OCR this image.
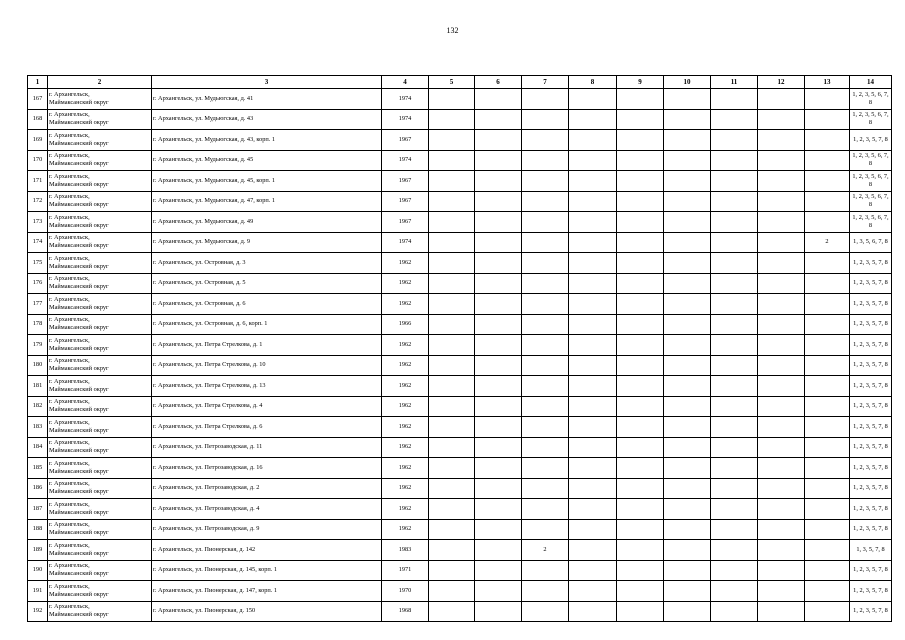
132
1	2	3	4	5	6	7	8	9	10	11	12	13	14
167	г. Архангельск,
Маймаксанский округ	г. Архангельск, ул. Мудьюгская, д. 41	1974										1, 2, 3, 5, 6, 7, 8
168	г. Архангельск,
Маймаксанский округ	г. Архангельск, ул. Мудьюгская, д. 43	1974										1, 2, 3, 5, 6, 7, 8
169	г. Архангельск,
Маймаксанский округ	г. Архангельск, ул. Мудьюгская, д. 43, корп. 1	1967										1, 2, 3, 5, 7, 8
170	г. Архангельск,
Маймаксанский округ	г. Архангельск, ул. Мудьюгская, д. 45	1974										1, 2, 3, 5, 6, 7, 8
171	г. Архангельск,
Маймаксанский округ	г. Архангельск, ул. Мудьюгская, д. 45, корп. 1	1967										1, 2, 3, 5, 6, 7, 8
172	г. Архангельск,
Маймаксанский округ	г. Архангельск, ул. Мудьюгская, д. 47, корп. 1	1967										1, 2, 3, 5, 6, 7, 8
173	г. Архангельск,
Маймаксанский округ	г. Архангельск, ул. Мудьюгская, д. 49	1967										1, 2, 3, 5, 6, 7, 8
174	г. Архангельск,
Маймаксанский округ	г. Архангельск, ул. Мудьюгская, д. 9	1974									2	1, 3, 5, 6, 7, 8
175	г. Архангельск,
Маймаксанский округ	г. Архангельск, ул. Островная, д. 3	1962										1, 2, 3, 5, 7, 8
176	г. Архангельск,
Маймаксанский округ	г. Архангельск, ул. Островная, д. 5	1962										1, 2, 3, 5, 7, 8
177	г. Архангельск,
Маймаксанский округ	г. Архангельск, ул. Островная, д. 6	1962										1, 2, 3, 5, 7, 8
178	г. Архангельск,
Маймаксанский округ	г. Архангельск, ул. Островная, д. 6, корп. 1	1966										1, 2, 3, 5, 7, 8
179	г. Архангельск,
Маймаксанский округ	г. Архангельск, ул. Петра Стрелкова, д. 1	1962										1, 2, 3, 5, 7, 8
180	г. Архангельск,
Маймаксанский округ	г. Архангельск, ул. Петра Стрелкова, д. 10	1962										1, 2, 3, 5, 7, 8
181	г. Архангельск,
Маймаксанский округ	г. Архангельск, ул. Петра Стрелкова, д. 13	1962										1, 2, 3, 5, 7, 8
182	г. Архангельск,
Маймаксанский округ	г. Архангельск, ул. Петра Стрелкова, д. 4	1962										1, 2, 3, 5, 7, 8
183	г. Архангельск,
Маймаксанский округ	г. Архангельск, ул. Петра Стрелкова, д. 6	1962										1, 2, 3, 5, 7, 8
184	г. Архангельск,
Маймаксанский округ	г. Архангельск, ул. Петрозаводская, д. 11	1962										1, 2, 3, 5, 7, 8
185	г. Архангельск,
Маймаксанский округ	г. Архангельск, ул. Петрозаводская, д. 16	1962										1, 2, 3, 5, 7, 8
186	г. Архангельск,
Маймаксанский округ	г. Архангельск, ул. Петрозаводская, д. 2	1962										1, 2, 3, 5, 7, 8
187	г. Архангельск,
Маймаксанский округ	г. Архангельск, ул. Петрозаводская, д. 4	1962										1, 2, 3, 5, 7, 8
188	г. Архангельск,
Маймаксанский округ	г. Архангельск, ул. Петрозаводская, д. 9	1962										1, 2, 3, 5, 7, 8
189	г. Архангельск,
Маймаксанский округ	г. Архангельск, ул. Пионерская, д. 142	1983			2							1, 3, 5, 7, 8
190	г. Архангельск,
Маймаксанский округ	г. Архангельск, ул. Пионерская, д. 145, корп. 1	1971										1, 2, 3, 5, 7, 8
191	г. Архангельск,
Маймаксанский округ	г. Архангельск, ул. Пионерская, д. 147, корп. 1	1970										1, 2, 3, 5, 7, 8
192	г. Архангельск,
Маймаксанский округ	г. Архангельск, ул. Пионерская, д. 150	1968										1, 2, 3, 5, 7, 8
